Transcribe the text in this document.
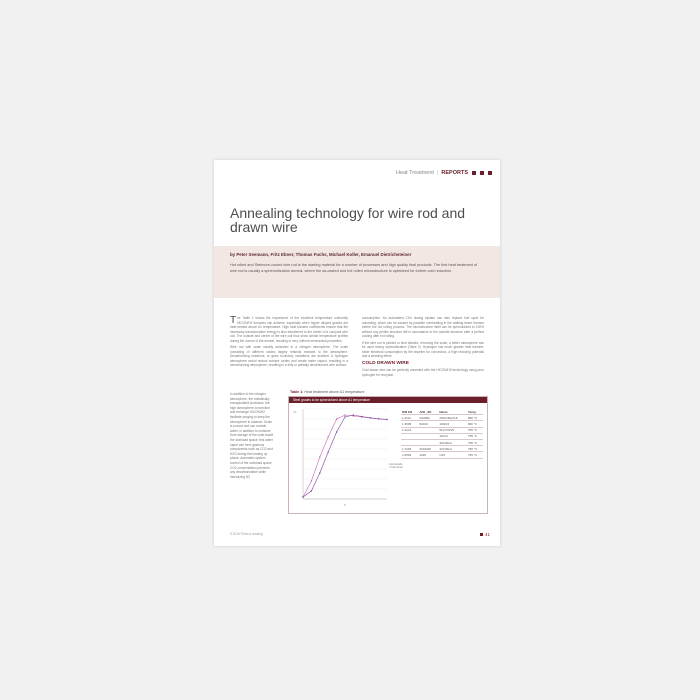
Heat Treatment | REPORTS
Annealing technology for wire rod and drawn wire
by Peter Seemann, Fritz Ebner, Thomas Fuchs, Michael Koller, Emanuel Dietrichsteiner
Hot rolled and Stelmore-cooled wire rod is the starting material for a number of processes and high quality final products. The first heat treatment of wire rod is usually a spheroidization anneal, where the as-casted and hot rolled microstructure is optimized for further cold reduction.
T he Table 1 shows the importance of the excellent temperature uniformity HICON/H2 furnaces can achieve, especially when higher alloyed grades are heat treated above A1 temperature. High heat transfer coefficients ensure that the necessary transformation energy is also transferred to the center of a compact wire coil. The outside and center of the wire coil thus show similar temperature profiles during the course of the anneal, resulting in very uniform mechanical properties.

Wire rod with scale usually annealed in a nitrogen atmosphere. The scale consisting of different oxides largely restricts restraint to the atmosphere. Decarburizing reactions, or grain boundary oxidations are avoided. A hydrogen atmosphere would reduce surface oxides and create water vapour, resulting in a decarburizing atmosphere, resulting in a fully or partially decarburized wire surface.

consumption. An automated CH4 dosing system can also replace fuel sport for annealing, which can be caused by possible overheating in the walking beam furnace before the hot rolling process. The microstructure itself can be spheroidized to 100% without any perlitic structure left in accordance to the carbide structure after a perfect cooling after hot rolling.

If the wire rod is pickled or shot blasted, removing the scale, a better atmosphere can be used during spheroidization (Table 2). Hydrogen has much greater heat transfer, lower electrical consumption by the impeller for convection, a high reducing potential and a cleaning effect.

COLD DRAWN WIRE

Cold drawn wire can be perfectly annealed with the HICON/H2 technology using pure hydrogen for recrystal-

In addition to the nitrogen atmosphere, the metallically encapsulated workbase, the high atmosphere convection and recharge HICON/H2 facilitate purging to keep the atmosphere in balance. Scale is porous and can contain water, in addition to moisture from storage of the coils inside the workload space; this water vapor can form gaseous components such as CO2 and H2O during the heating up phase. Automatic system control of the workload space, CO2 concentration prevents any decarburization while minimizing N2
Table 1: Heat treatment above A1 temperature
Steel grades to be spheroidized above A1 temperature
h
°C
Coil outside / Coil center
DIN EN	AISI_JIS	Name	Temp.
1.4112	S44000	X90CrMoV18	860 °C
1.3505	52100	100Cr6	800 °C
1.2241		51CrV4/V5	765 °C
		16CrA	755 °C
		42CrMo4	750 °C
1.7225	SCM440	42CrMo4	760 °C
1.0503	1045	C45	745 °C
5 2016 Fixed a reading	41
